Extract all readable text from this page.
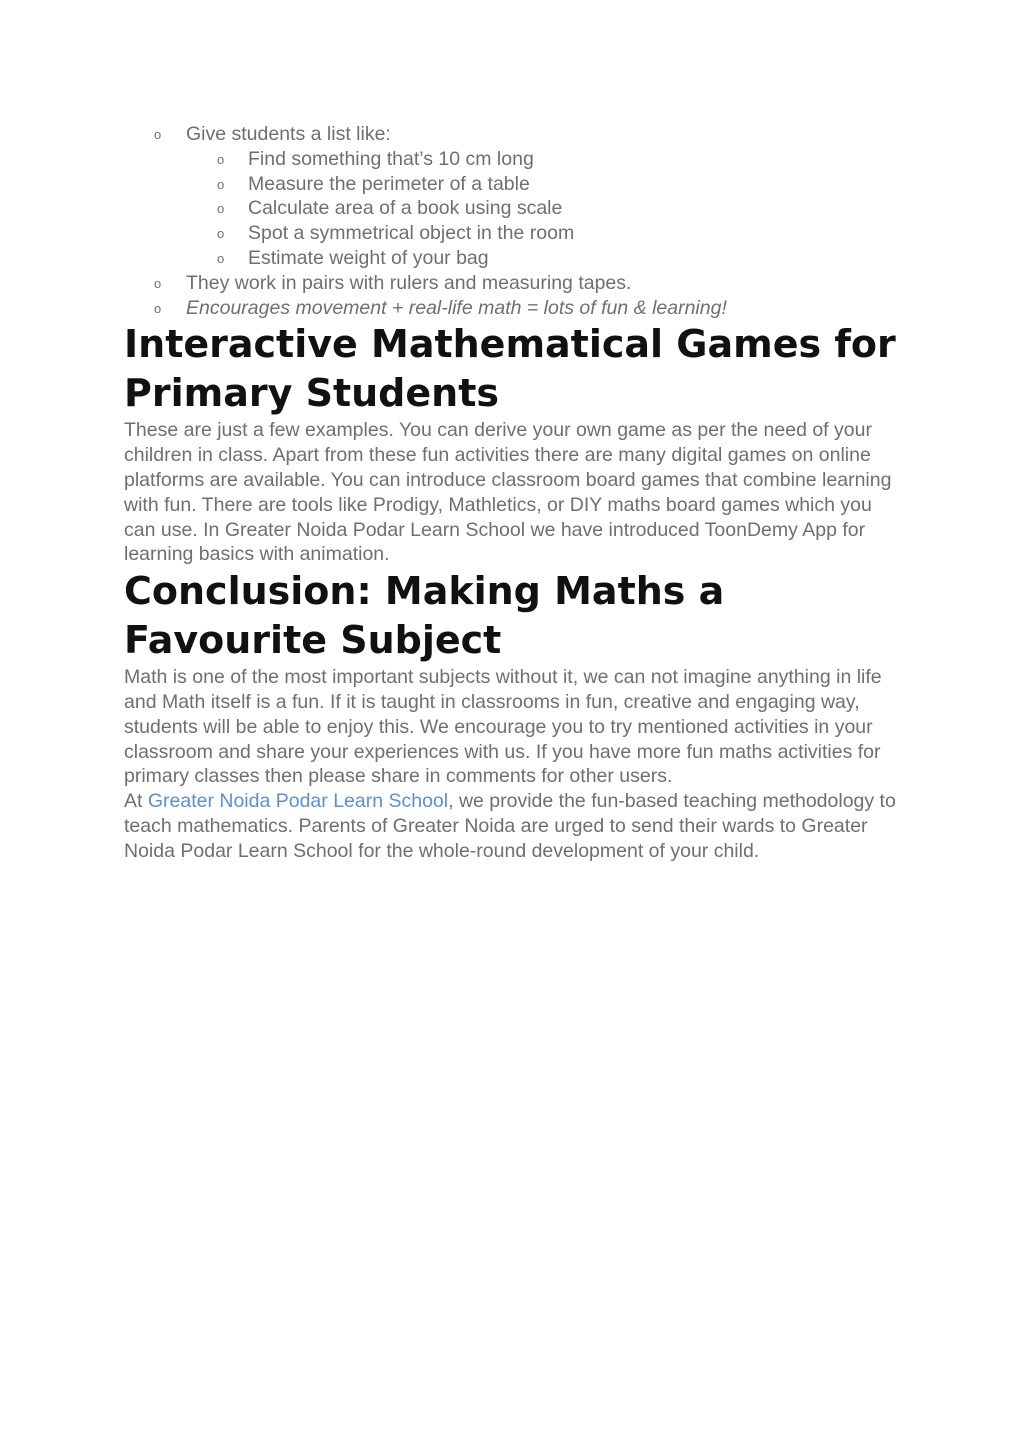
o Give students a list like:
o Find something that’s 10 cm long
o Measure the perimeter of a table
o Calculate area of a book using scale
o Spot a symmetrical object in the room
o Estimate weight of your bag
o They work in pairs with rulers and measuring tapes.
o Encourages movement + real-life math = lots of fun & learning!
Interactive Mathematical Games for Primary Students

These are just a few examples. You can derive your own game as per the need of your children in class. Apart from these fun activities there are many digital games on online platforms are available. You can introduce classroom board games that combine learning with fun. There are tools like Prodigy, Mathletics, or DIY maths board games which you can use. In Greater Noida Podar Learn School we have introduced ToonDemy App for learning basics with animation.

Conclusion: Making Maths a Favourite Subject

Math is one of the most important subjects without it, we can not imagine anything in life and Math itself is a fun. If it is taught in classrooms in fun, creative and engaging way, students will be able to enjoy this. We encourage you to try mentioned activities in your classroom and share your experiences with us. If you have more fun maths activities for primary classes then please share in comments for other users.

At Greater Noida Podar Learn School, we provide the fun-based teaching methodology to teach mathematics. Parents of Greater Noida are urged to send their wards to Greater Noida Podar Learn School for the whole-round development of your child.
